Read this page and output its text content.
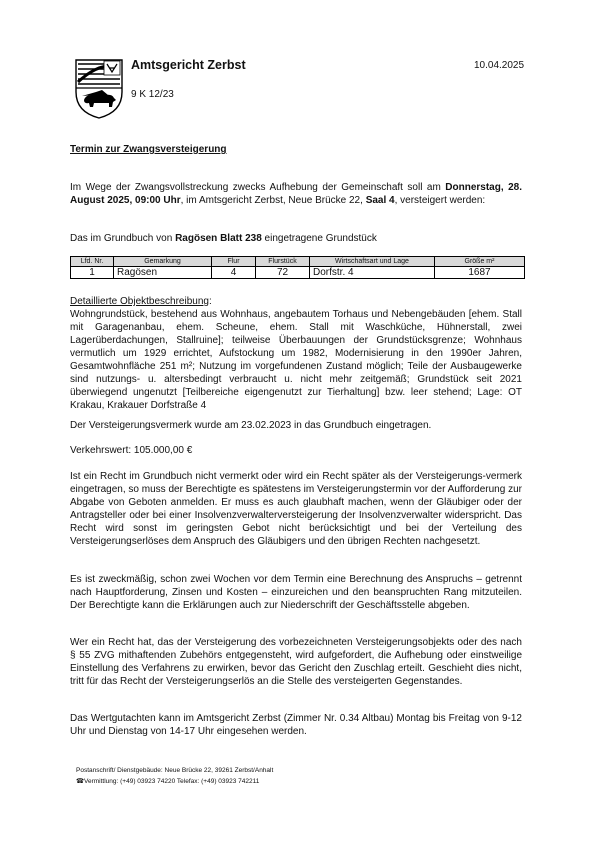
Amtsgericht Zerbst
9 K 12/23
10.04.2025
Termin zur Zwangsversteigerung
Im Wege der Zwangsvollstreckung zwecks Aufhebung der Gemeinschaft soll am Donnerstag, 28. August 2025, 09:00 Uhr, im Amtsgericht Zerbst, Neue Brücke 22, Saal 4, versteigert werden:
Das im Grundbuch von Ragösen Blatt 238 eingetragene Grundstück
Lfd. Nr.	Gemarkung	Flur	Flurstück	Wirtschaftsart und Lage	Größe m²
1	Ragösen	4	72	Dorfstr. 4	1687
Detaillierte Objektbeschreibung:
Wohngrundstück, bestehend aus Wohnhaus, angebautem Torhaus und Nebengebäuden [ehem. Stall mit Garagenanbau, ehem. Scheune, ehem. Stall mit Waschküche, Hühnerstall, zwei Lagerüberdachungen, Stallruine]; teilweise Überbauungen der Grundstücksgrenze; Wohnhaus vermutlich um 1929 errichtet, Aufstockung um 1982, Modernisierung in den 1990er Jahren, Gesamtwohnfläche 251 m²; Nutzung im vorgefundenen Zustand möglich; Teile der Ausbaugewerke sind nutzungs- u. altersbedingt verbraucht u. nicht mehr zeitgemäß; Grundstück seit 2021 überwiegend ungenutzt [Teilbereiche eigengenutzt zur Tierhaltung] bzw. leer stehend; Lage: OT Krakau, Krakauer Dorfstraße 4
Der Versteigerungsvermerk wurde am 23.02.2023 in das Grundbuch eingetragen.
Verkehrswert: 105.000,00 €
Ist ein Recht im Grundbuch nicht vermerkt oder wird ein Recht später als der Versteigerungs-vermerk eingetragen, so muss der Berechtigte es spätestens im Versteigerungstermin vor der Aufforderung zur Abgabe von Geboten anmelden. Er muss es auch glaubhaft machen, wenn der Gläubiger oder der Antragsteller oder bei einer Insolvenzverwalterversteigerung der Insolvenzverwalter widerspricht. Das Recht wird sonst im geringsten Gebot nicht berücksichtigt und bei der Verteilung des Versteigerungserlöses dem Anspruch des Gläubigers und den übrigen Rechten nachgesetzt.
Es ist zweckmäßig, schon zwei Wochen vor dem Termin eine Berechnung des Anspruchs – getrennt nach Hauptforderung, Zinsen und Kosten – einzureichen und den beanspruchten Rang mitzuteilen. Der Berechtigte kann die Erklärungen auch zur Niederschrift der Geschäftsstelle abgeben.
Wer ein Recht hat, das der Versteigerung des vorbezeichneten Versteigerungsobjekts oder des nach § 55 ZVG mithaftenden Zubehörs entgegensteht, wird aufgefordert, die Aufhebung oder einstweilige Einstellung des Verfahrens zu erwirken, bevor das Gericht den Zuschlag erteilt. Geschieht dies nicht, tritt für das Recht der Versteigerungserlös an die Stelle des versteigerten Gegenstandes.
Das Wertgutachten kann im Amtsgericht Zerbst (Zimmer Nr. 0.34 Altbau) Montag bis Freitag von 9-12 Uhr und Dienstag von 14-17 Uhr eingesehen werden.
Postanschrift/ Dienstgebäude: Neue Brücke 22, 39261 Zerbst/Anhalt
☎Vermittlung: (+49) 03923 74220 Telefax: (+49) 03923 742211
